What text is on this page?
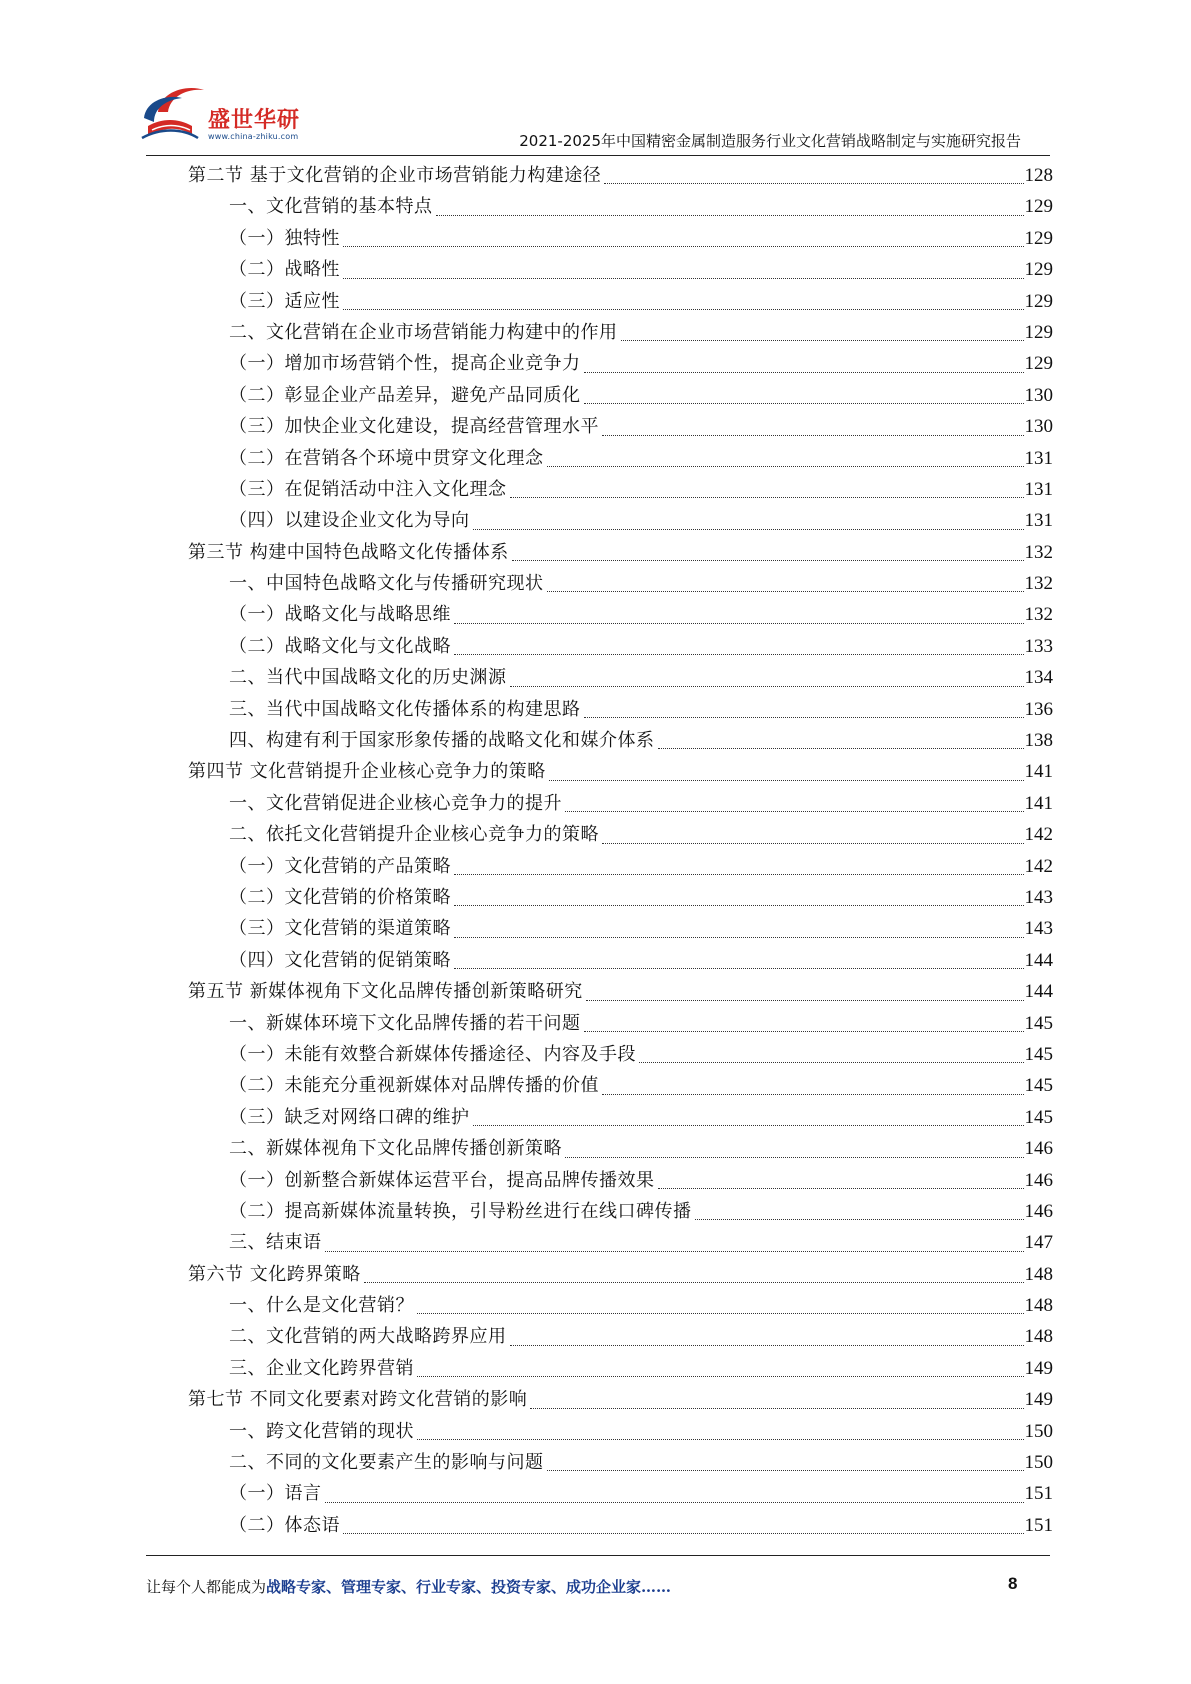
盛世华研
www.china-zhiku.com	2021-2025年中国精密金属制造服务行业文化营销战略制定与实施研究报告
第二节 基于文化营销的企业市场营销能力构建途径	128
一、文化营销的基本特点	129
（一）独特性	129
（二）战略性	129
（三）适应性	129
二、文化营销在企业市场营销能力构建中的作用	129
（一）增加市场营销个性，提高企业竞争力	129
（二）彰显企业产品差异，避免产品同质化	130
（三）加快企业文化建设，提高经营管理水平	130
（二）在营销各个环境中贯穿文化理念	131
（三）在促销活动中注入文化理念	131
（四）以建设企业文化为导向	131
第三节 构建中国特色战略文化传播体系	132
一、中国特色战略文化与传播研究现状	132
（一）战略文化与战略思维	132
（二）战略文化与文化战略	133
二、当代中国战略文化的历史渊源	134
三、当代中国战略文化传播体系的构建思路	136
四、构建有利于国家形象传播的战略文化和媒介体系	138
第四节 文化营销提升企业核心竞争力的策略	141
一、文化营销促进企业核心竞争力的提升	141
二、依托文化营销提升企业核心竞争力的策略	142
（一）文化营销的产品策略	142
（二）文化营销的价格策略	143
（三）文化营销的渠道策略	143
（四）文化营销的促销策略	144
第五节 新媒体视角下文化品牌传播创新策略研究	144
一、新媒体环境下文化品牌传播的若干问题	145
（一）未能有效整合新媒体传播途径、内容及手段	145
（二）未能充分重视新媒体对品牌传播的价值	145
（三）缺乏对网络口碑的维护	145
二、新媒体视角下文化品牌传播创新策略	146
（一）创新整合新媒体运营平台，提高品牌传播效果	146
（二）提高新媒体流量转换，引导粉丝进行在线口碑传播	146
三、结束语	147
第六节 文化跨界策略	148
一、什么是文化营销？	148
二、文化营销的两大战略跨界应用	148
三、企业文化跨界营销	149
第七节 不同文化要素对跨文化营销的影响	149
一、跨文化营销的现状	150
二、不同的文化要素产生的影响与问题	150
（一）语言	151
（二）体态语	151
让每个人都能成为战略专家、管理专家、行业专家、投资专家、成功企业家……	8
